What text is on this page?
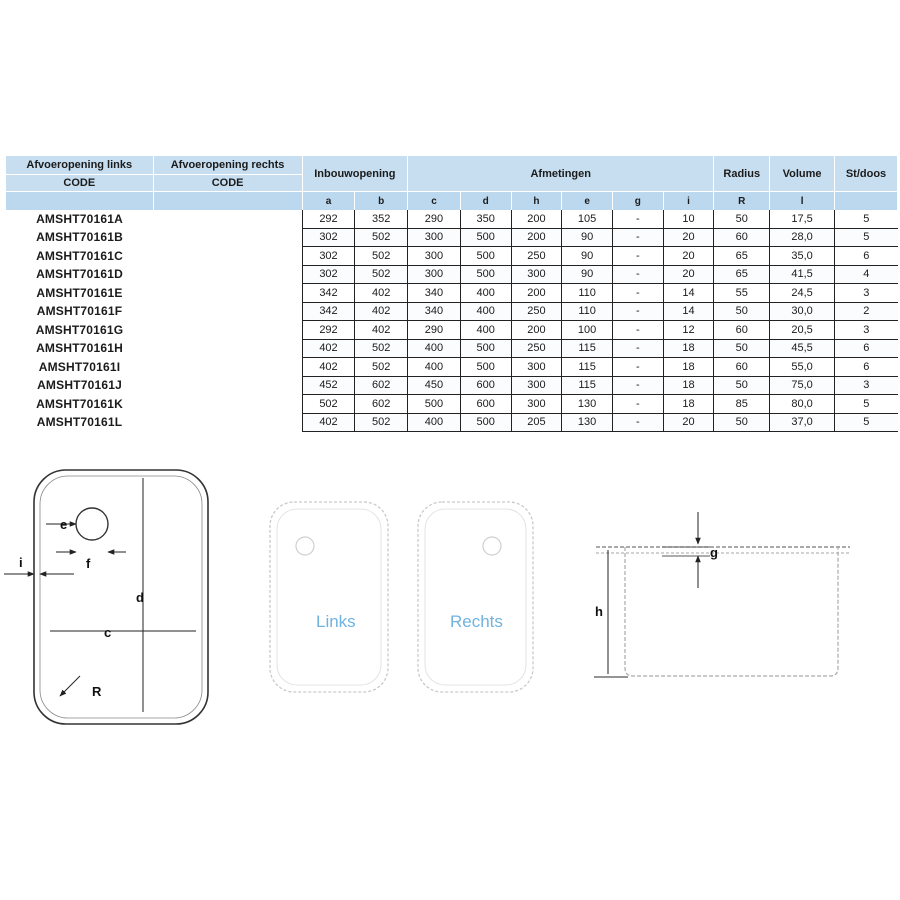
Afvoeropening links	Afvoeropening rechts	Inbouwopening		Afmetingen						Radius	Volume	St/doos
CODE	CODE											
		a	b	c	d	h	e	g	i	R	l	
AMSHT70161A		292	352	290	350	200	105	-	10	50	17,5	5
AMSHT70161B		302	502	300	500	200	90	-	20	60	28,0	5
AMSHT70161C		302	502	300	500	250	90	-	20	65	35,0	6
AMSHT70161D		302	502	300	500	300	90	-	20	65	41,5	4
AMSHT70161E		342	402	340	400	200	110	-	14	55	24,5	3
AMSHT70161F		342	402	340	400	250	110	-	14	50	30,0	2
AMSHT70161G		292	402	290	400	200	100	-	12	60	20,5	3
AMSHT70161H		402	502	400	500	250	115	-	18	50	45,5	6
AMSHT70161I		402	502	400	500	300	115	-	18	60	55,0	6
AMSHT70161J		452	602	450	600	300	115	-	18	50	75,0	3
AMSHT70161K		502	602	500	600	300	130	-	18	85	80,0	5
AMSHT70161L		402	502	400	500	205	130	-	20	50	37,0	5
e
i	f
d
c
R
Links	Rechts
g
h
